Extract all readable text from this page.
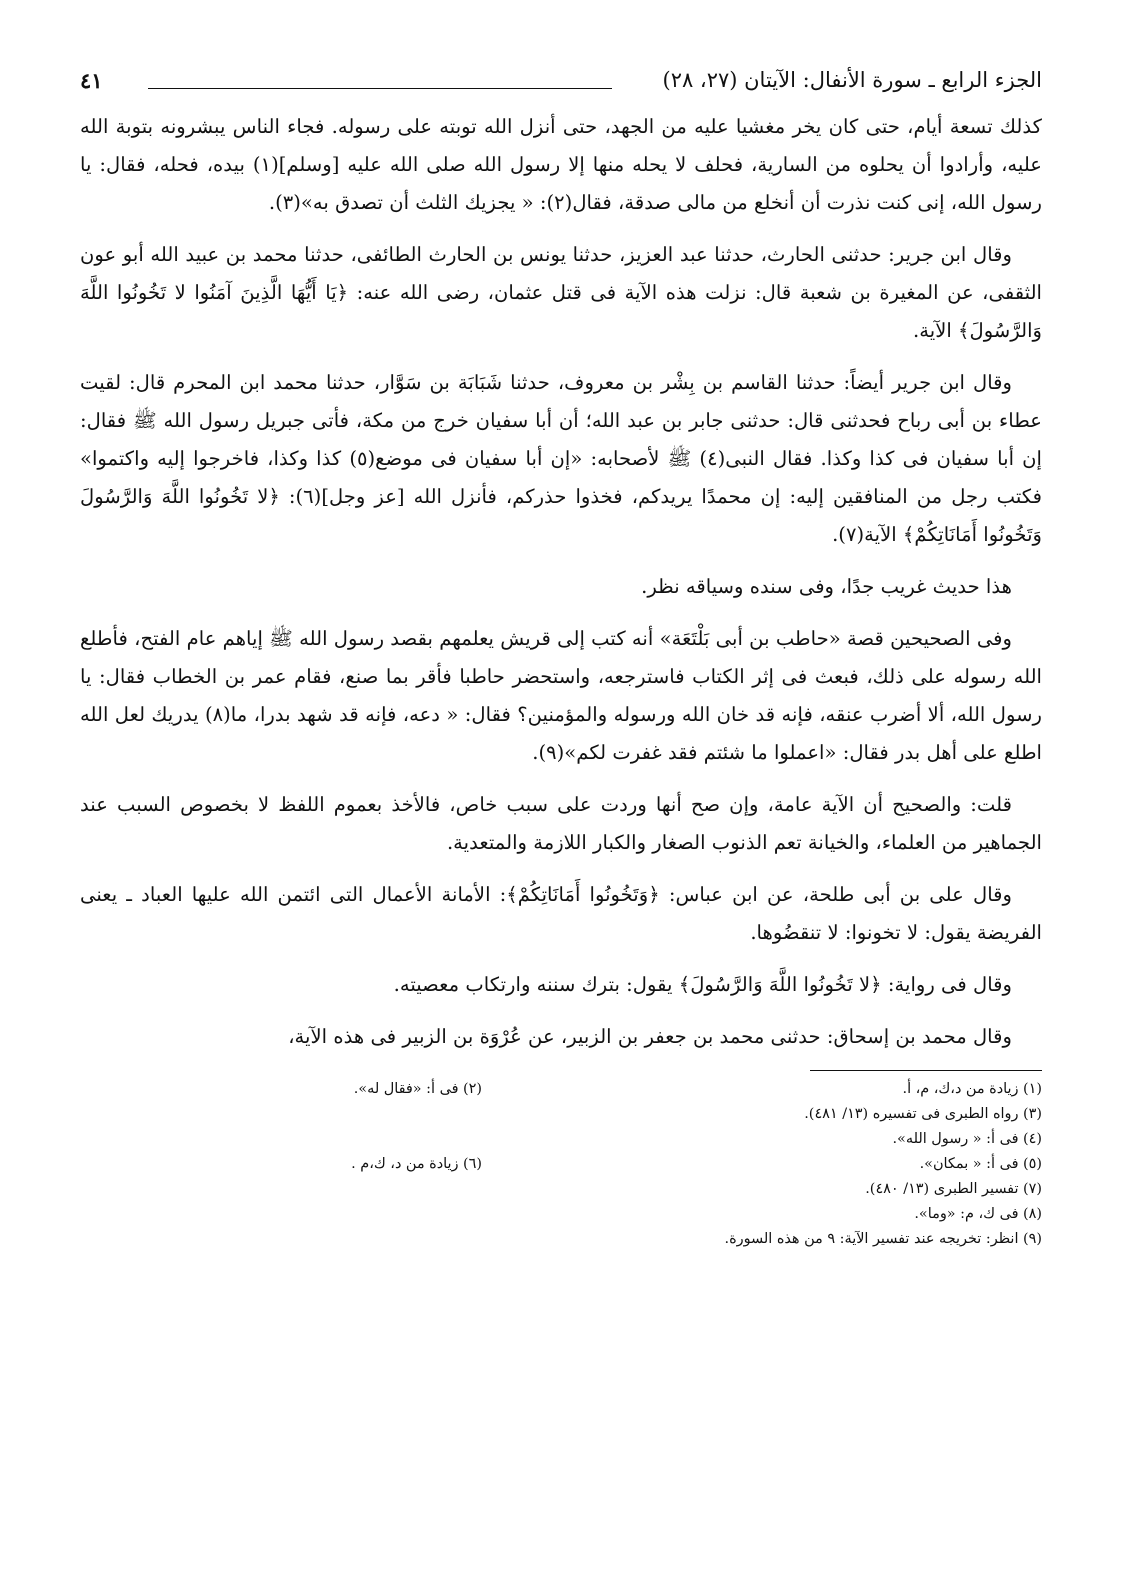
الجزء الرابع ـ سورة الأنفال: الآيتان (٢٧، ٢٨)
٤١

كذلك تسعة أيام، حتى كان يخر مغشيا عليه من الجهد، حتى أنزل الله توبته على رسوله. فجاء الناس يبشرونه بتوبة الله عليه، وأرادوا أن يحلوه من السارية، فحلف لا يحله منها إلا رسول الله صلى الله عليه [وسلم](١) بيده، فحله، فقال: يا رسول الله، إنى كنت نذرت أن أنخلع من مالى صدقة، فقال(٢): « يجزيك الثلث أن تصدق به»(٣).

وقال ابن جرير: حدثنى الحارث، حدثنا عبد العزيز، حدثنا يونس بن الحارث الطائفى، حدثنا محمد بن عبيد الله أبو عون الثقفى، عن المغيرة بن شعبة قال: نزلت هذه الآية فى قتل عثمان، رضى الله عنه: ﴿يَا أَيُّهَا الَّذِينَ آمَنُوا لا تَخُونُوا اللَّهَ وَالرَّسُولَ﴾ الآية.

وقال ابن جرير أيضاً: حدثنا القاسم بن بِشْر بن معروف، حدثنا شَبَابَة بن سَوَّار، حدثنا محمد ابن المحرم قال: لقيت عطاء بن أبى رباح فحدثنى قال: حدثنى جابر بن عبد الله؛ أن أبا سفيان خرج من مكة، فأتى جبريل رسول الله ﷺ فقال: إن أبا سفيان فى كذا وكذا. فقال النبى(٤) ﷺ لأصحابه: «إن أبا سفيان فى موضع(٥) كذا وكذا، فاخرجوا إليه واكتموا» فكتب رجل من المنافقين إليه: إن محمدًا يريدكم، فخذوا حذركم، فأنزل الله [عز وجل](٦): ﴿لا تَخُونُوا اللَّهَ وَالرَّسُولَ وَتَخُونُوا أَمَانَاتِكُمْ﴾ الآية(٧).

هذا حديث غريب جدًا، وفى سنده وسياقه نظر.

وفى الصحيحين قصة «حاطب بن أبى بَلْتَعَة» أنه كتب إلى قريش يعلمهم بقصد رسول الله ﷺ إياهم عام الفتح، فأطلع الله رسوله على ذلك، فبعث فى إثر الكتاب فاسترجعه، واستحضر حاطبا فأقر بما صنع، فقام عمر بن الخطاب فقال: يا رسول الله، ألا أضرب عنقه، فإنه قد خان الله ورسوله والمؤمنين؟ فقال: « دعه، فإنه قد شهد بدرا، ما(٨) يدريك لعل الله اطلع على أهل بدر فقال: «اعملوا ما شئتم فقد غفرت لكم»(٩).

قلت: والصحيح أن الآية عامة، وإن صح أنها وردت على سبب خاص، فالأخذ بعموم اللفظ لا بخصوص السبب عند الجماهير من العلماء، والخيانة تعم الذنوب الصغار والكبار اللازمة والمتعدية.

وقال على بن أبى طلحة، عن ابن عباس: ﴿وَتَخُونُوا أَمَانَاتِكُمْ﴾: الأمانة الأعمال التى ائتمن الله عليها العباد ـ يعنى الفريضة يقول: لا تخونوا: لا تنقضُوها.

وقال فى رواية: ﴿لا تَخُونُوا اللَّهَ وَالرَّسُولَ﴾ يقول: بترك سننه وارتكاب معصيته.

وقال محمد بن إسحاق: حدثنى محمد بن جعفر بن الزبير، عن عُرْوَة بن الزبير فى هذه الآية،

(١) زيادة من د،ك، م، أ.
(٣) رواه الطبرى فى تفسيره (١٣/ ٤٨١).
(٤) فى أ: « رسول الله».
(٥) فى أ: « بمكان».
(٧) تفسير الطبرى (١٣/ ٤٨٠).
(٨) فى ك، م: «وما».
(٩) انظر: تخريجه عند تفسير الآية: ٩ من هذه السورة.
(٢) فى أ: «فقال له».

(٦) زيادة من د، ك،م .
